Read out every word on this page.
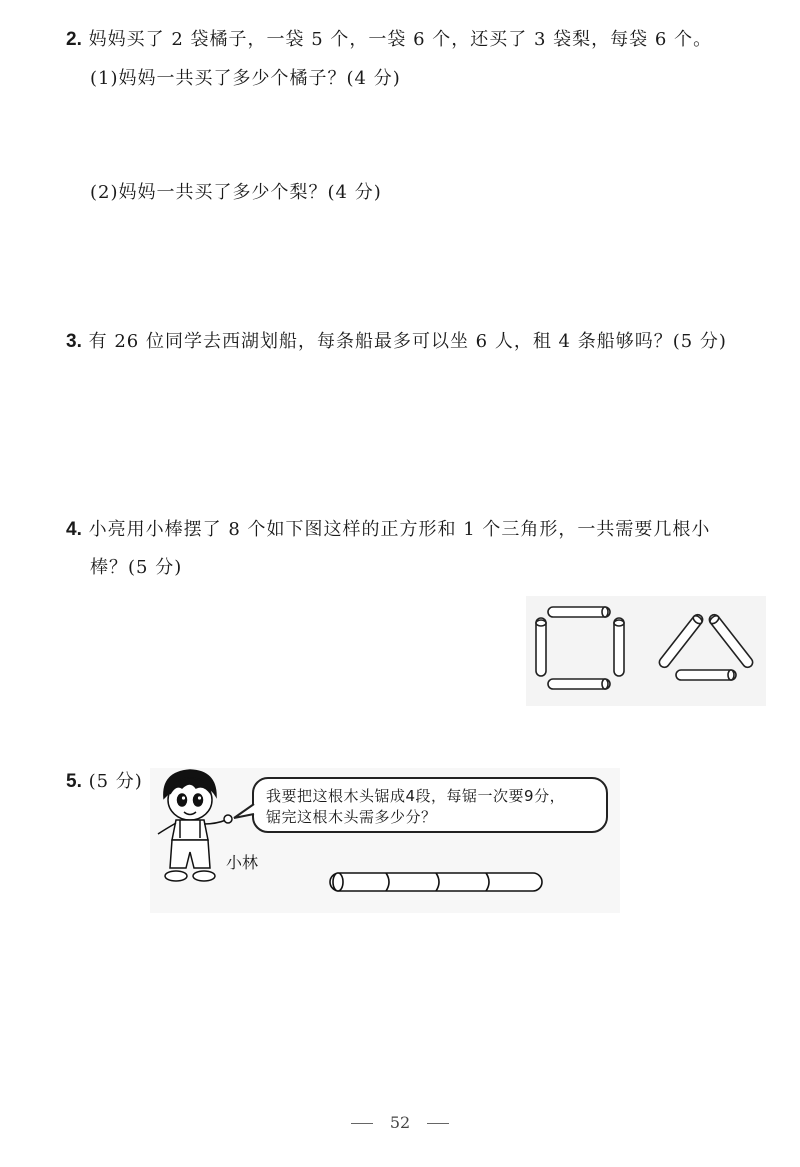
2. 妈妈买了 2 袋橘子，一袋 5 个，一袋 6 个，还买了 3 袋梨，每袋 6 个。
(1)妈妈一共买了多少个橘子？(4 分)
(2)妈妈一共买了多少个梨？(4 分)
3. 有 26 位同学去西湖划船，每条船最多可以坐 6 人，租 4 条船够吗？(5 分)
4. 小亮用小棒摆了 8 个如下图这样的正方形和 1 个三角形，一共需要几根小
棒？(5 分)
5. (5 分)
我要把这根木头锯成4段，每锯一次要9分，
锯完这根木头需多少分？
小林
52
